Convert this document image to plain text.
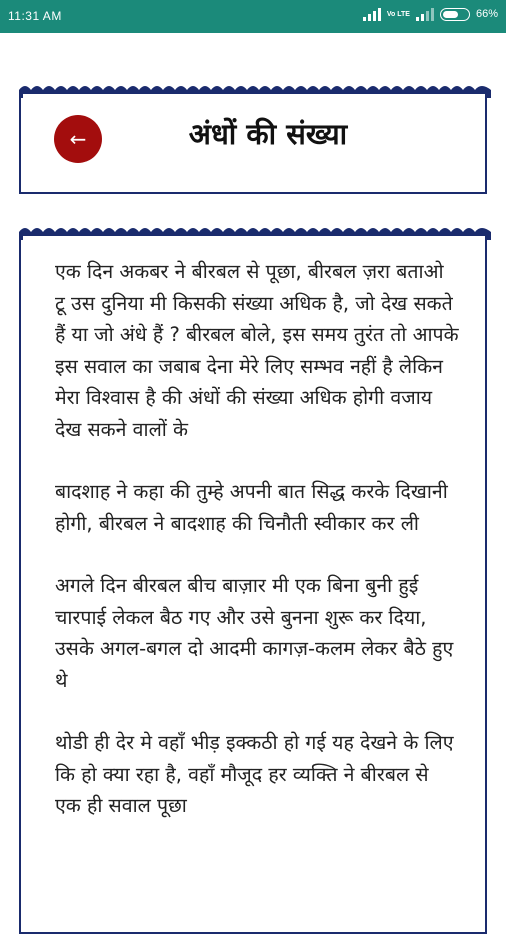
11:31 AM	Vo LTE	66%
←	अंधों की संख्या

एक दिन अकबर ने बीरबल से पूछा, बीरबल ज़रा बताओ टू उस दुनिया मी किसकी संख्या अधिक है, जो देख सकते हैं या जो अंधे हैं ? बीरबल बोले, इस समय तुरंत तो आपके इस सवाल का जबाब देना मेरे लिए सम्भव नहीं है लेकिन मेरा विश्वास है की अंधों की संख्या अधिक होगी वजाय देख सकने वालों के

बादशाह ने कहा की तुम्हे अपनी बात सिद्ध करके दिखानी होगी, बीरबल ने बादशाह की चिनौती स्वीकार कर ली

अगले दिन बीरबल बीच बाज़ार मी एक बिना बुनी हुई चारपाई लेकल बैठ गए और उसे बुनना शुरू कर दिया, उसके अगल-बगल दो आदमी कागज़-कलम लेकर बैठे हुए थे

थोडी ही देर मे वहाँ भीड़ इक्कठी हो गई यह देखने के लिए कि हो क्या रहा है, वहाँ मौजूद हर व्यक्ति ने बीरबल से एक ही सवाल पूछा
